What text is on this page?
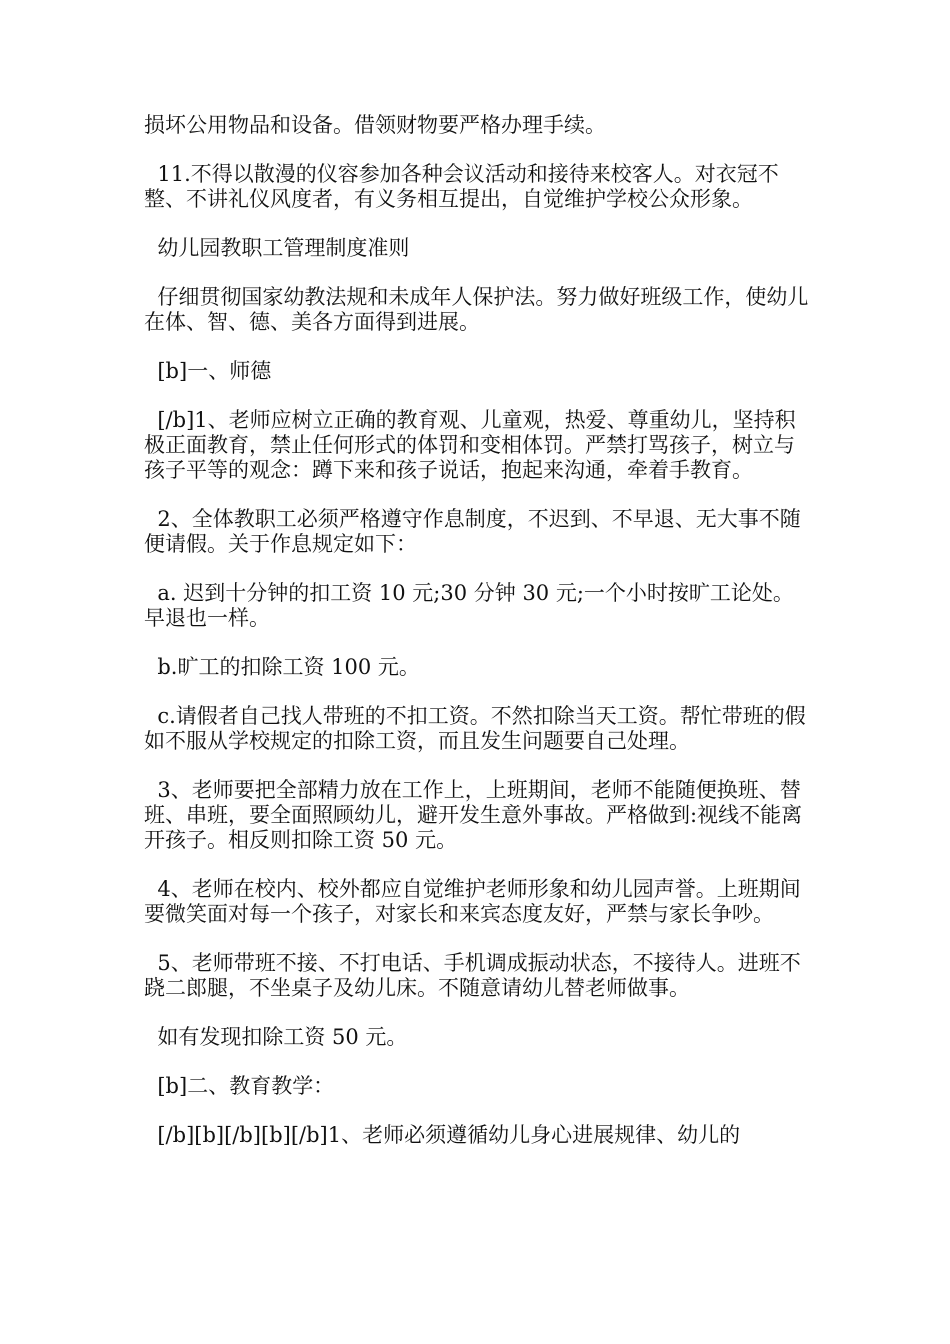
损坏公用物品和设备。借领财物要严格办理手续。

11.不得以散漫的仪容参加各种会议活动和接待来校客人。对衣冠不整、不讲礼仪风度者，有义务相互提出，自觉维护学校公众形象。

幼儿园教职工管理制度准则

仔细贯彻国家幼教法规和未成年人保护法。努力做好班级工作，使幼儿在体、智、德、美各方面得到进展。

[b]一、师德

[/b]1、老师应树立正确的教育观、儿童观，热爱、尊重幼儿，坚持积极正面教育，禁止任何形式的体罚和变相体罚。严禁打骂孩子，树立与孩子平等的观念：蹲下来和孩子说话，抱起来沟通，牵着手教育。

2、全体教职工必须严格遵守作息制度，不迟到、不早退、无大事不随便请假。关于作息规定如下：

a. 迟到十分钟的扣工资 10 元;30 分钟 30 元;一个小时按旷工论处。早退也一样。

b.旷工的扣除工资 100 元。

c.请假者自己找人带班的不扣工资。不然扣除当天工资。帮忙带班的假如不服从学校规定的扣除工资，而且发生问题要自己处理。

3、老师要把全部精力放在工作上，上班期间，老师不能随便换班、替班、串班，要全面照顾幼儿，避开发生意外事故。严格做到:视线不能离开孩子。相反则扣除工资 50 元。

4、老师在校内、校外都应自觉维护老师形象和幼儿园声誉。上班期间要微笑面对每一个孩子，对家长和来宾态度友好，严禁与家长争吵。

5、老师带班不接、不打电话、手机调成振动状态，不接待人。进班不跷二郎腿，不坐桌子及幼儿床。不随意请幼儿替老师做事。

如有发现扣除工资 50 元。

[b]二、教育教学：

[/b][b][/b][b][/b]1、老师必须遵循幼儿身心进展规律、幼儿的
